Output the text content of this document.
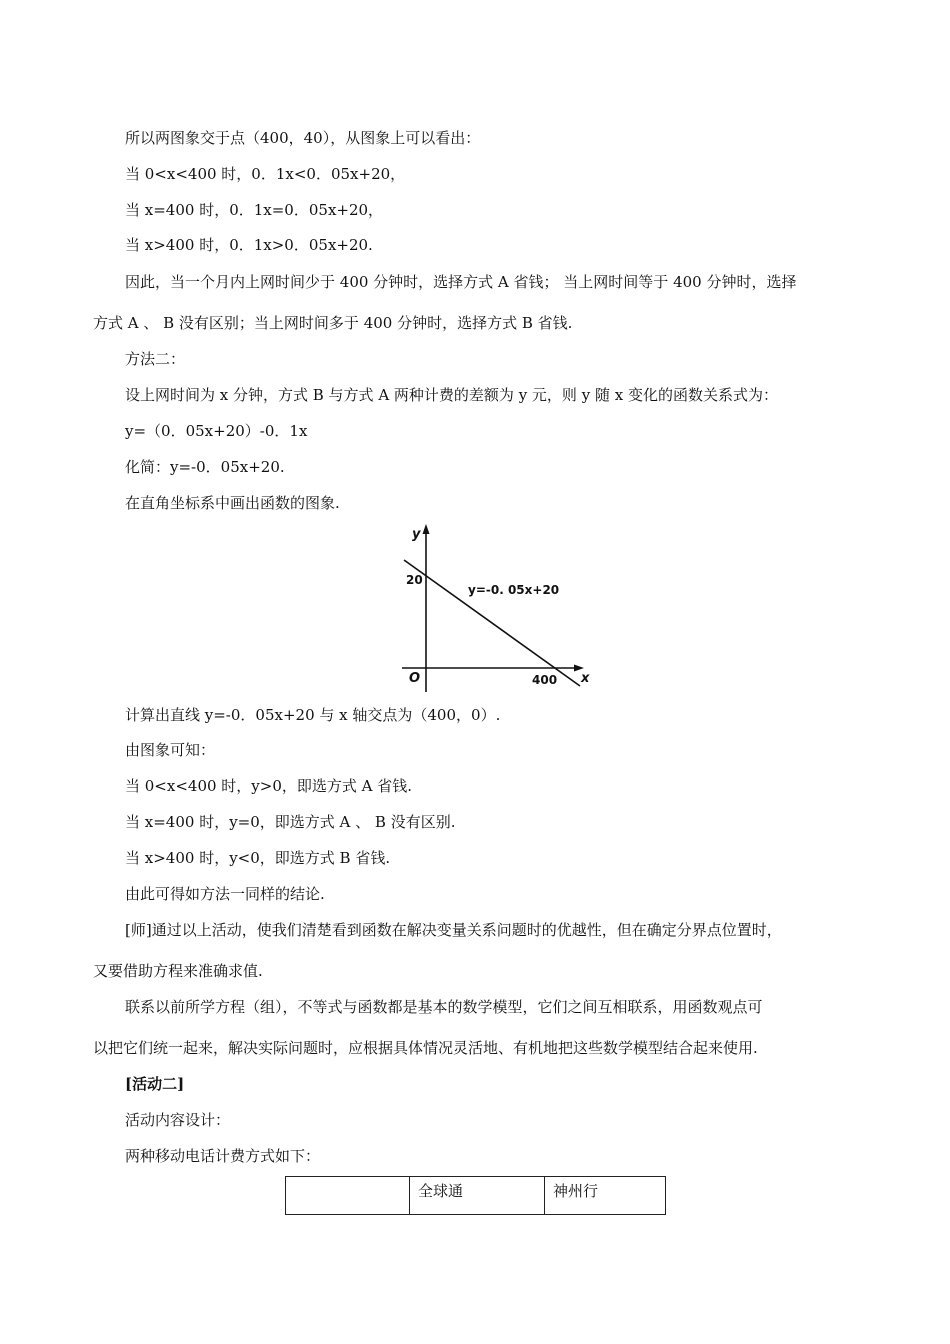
所以两图象交于点（400，40），从图象上可以看出：
当 0<x<400 时，0．1x<0．05x+20，
当 x=400 时，0．1x=0．05x+20，
当 x>400 时，0．1x>0．05x+20.
因此，当一个月内上网时间少于 400 分钟时，选择方式 A 省钱； 当上网时间等于 400 分钟时，选择
方式 A 、 B 没有区别；当上网时间多于 400 分钟时，选择方式 B 省钱.
方法二：
设上网时间为 x 分钟，方式 B 与方式 A 两种计费的差额为 y 元，则 y 随 x 变化的函数关系式为：
y=（0．05x+20）-0．1x
化简：y=-0．05x+20.
在直角坐标系中画出函数的图象.
y
x
O
20
400
y=-0. 05x+20
计算出直线 y=-0．05x+20 与 x 轴交点为（400，0）.
由图象可知：
当 0<x<400 时，y>0，即选方式 A 省钱.
当 x=400 时，y=0，即选方式 A 、 B 没有区别.
当 x>400 时，y<0，即选方式 B 省钱.
由此可得如方法一同样的结论.
[师]通过以上活动，使我们清楚看到函数在解决变量关系问题时的优越性，但在确定分界点位置时，
又要借助方程来准确求值.
联系以前所学方程（组），不等式与函数都是基本的数学模型，它们之间互相联系，用函数观点可
以把它们统一起来，解决实际问题时，应根据具体情况灵活地、有机地把这些数学模型结合起来使用.
[活动二]
活动内容设计：
两种移动电话计费方式如下：
	全球通	神州行
